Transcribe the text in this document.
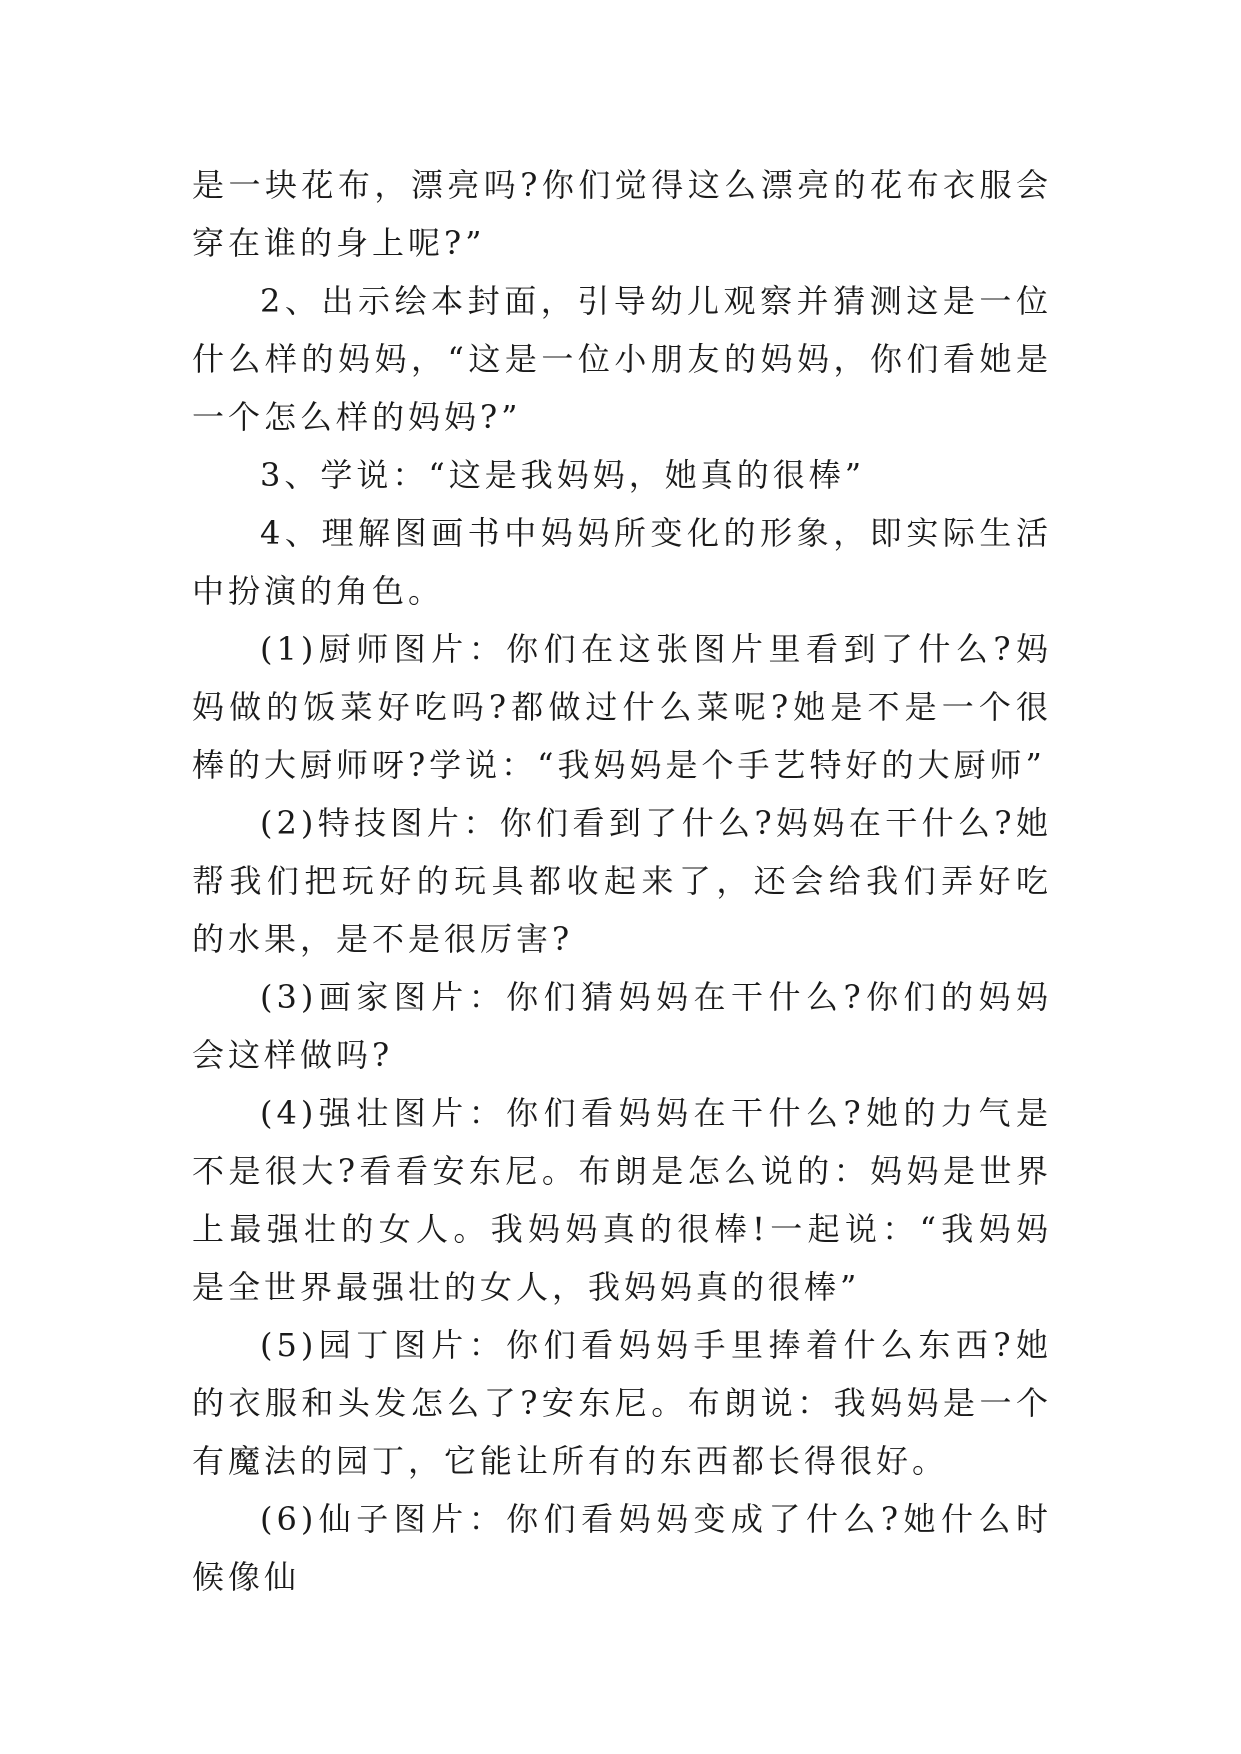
是一块花布，漂亮吗?你们觉得这么漂亮的花布衣服会穿在谁的身上呢?”

2、出示绘本封面，引导幼儿观察并猜测这是一位什么样的妈妈，“这是一位小朋友的妈妈，你们看她是一个怎么样的妈妈?”

3、学说：“这是我妈妈，她真的很棒”

4、理解图画书中妈妈所变化的形象，即实际生活中扮演的角色。

(1)厨师图片：你们在这张图片里看到了什么?妈妈做的饭菜好吃吗?都做过什么菜呢?她是不是一个很棒的大厨师呀?学说：“我妈妈是个手艺特好的大厨师”

(2)特技图片：你们看到了什么?妈妈在干什么?她帮我们把玩好的玩具都收起来了，还会给我们弄好吃的水果，是不是很厉害?

(3)画家图片：你们猜妈妈在干什么?你们的妈妈会这样做吗?

(4)强壮图片：你们看妈妈在干什么?她的力气是不是很大?看看安东尼。布朗是怎么说的：妈妈是世界上最强壮的女人。我妈妈真的很棒!一起说：“我妈妈是全世界最强壮的女人，我妈妈真的很棒”

(5)园丁图片：你们看妈妈手里捧着什么东西?她的衣服和头发怎么了?安东尼。布朗说：我妈妈是一个有魔法的园丁，它能让所有的东西都长得很好。

(6)仙子图片：你们看妈妈变成了什么?她什么时候像仙
